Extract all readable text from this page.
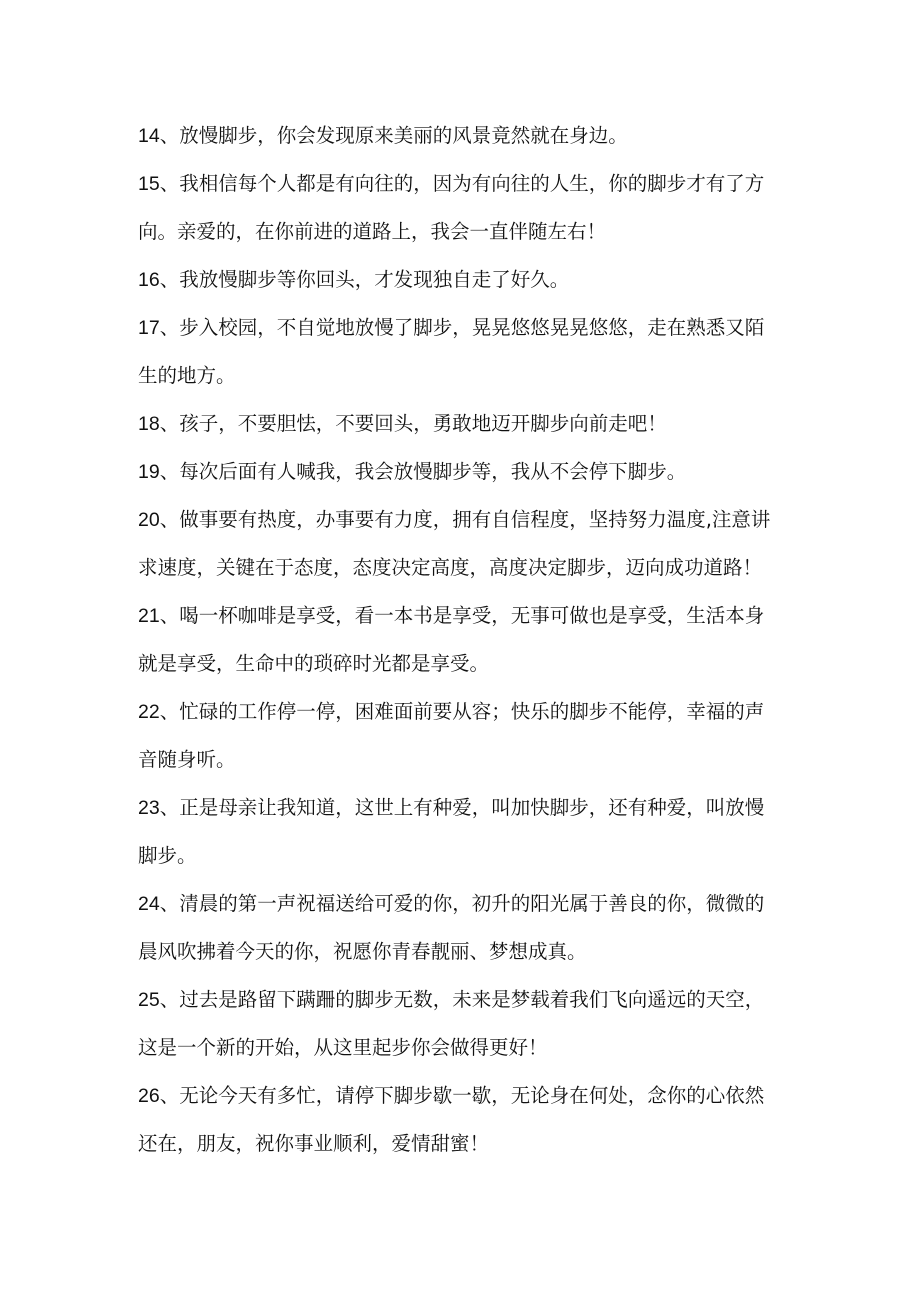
14、放慢脚步，你会发现原来美丽的风景竟然就在身边。

15、我相信每个人都是有向往的，因为有向往的人生，你的脚步才有了方

向。亲爱的，在你前进的道路上，我会一直伴随左右！

16、我放慢脚步等你回头，才发现独自走了好久。

17、步入校园，不自觉地放慢了脚步，晃晃悠悠晃晃悠悠，走在熟悉又陌

生的地方。

18、孩子，不要胆怯，不要回头，勇敢地迈开脚步向前走吧！

19、每次后面有人喊我，我会放慢脚步等，我从不会停下脚步。

20、做事要有热度，办事要有力度，拥有自信程度，坚持努力温度,注意讲

求速度，关键在于态度，态度决定高度，高度决定脚步，迈向成功道路！

21、喝一杯咖啡是享受，看一本书是享受，无事可做也是享受，生活本身

就是享受，生命中的琐碎时光都是享受。

22、忙碌的工作停一停，困难面前要从容；快乐的脚步不能停，幸福的声

音随身听。

23、正是母亲让我知道，这世上有种爱，叫加快脚步，还有种爱，叫放慢

脚步。

24、清晨的第一声祝福送给可爱的你，初升的阳光属于善良的你，微微的

晨风吹拂着今天的你，祝愿你青春靓丽、梦想成真。

25、过去是路留下蹒跚的脚步无数，未来是梦载着我们飞向遥远的天空，

这是一个新的开始，从这里起步你会做得更好！

26、无论今天有多忙，请停下脚步歇一歇，无论身在何处，念你的心依然

还在，朋友，祝你事业顺利，爱情甜蜜！
